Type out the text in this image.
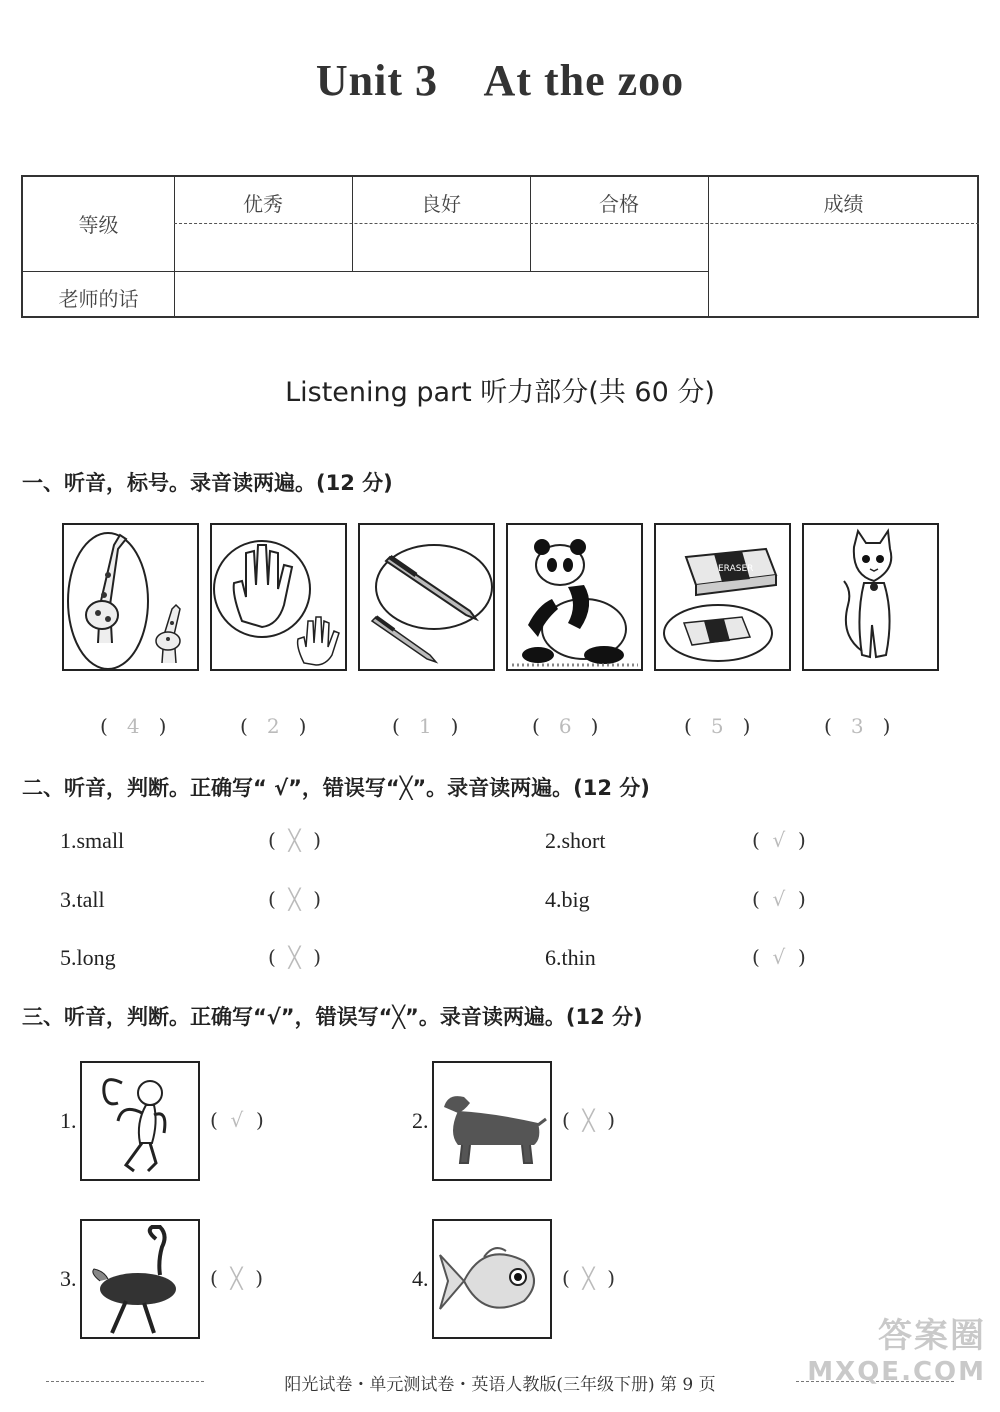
Unit 3    At the zoo
等级
优秀	良好	合格	成绩
老师的话
Listening part 听力部分(共 60 分)
一、听音，标号。录音读两遍。(12 分)
ERASER
(   4   )	(   2   )	(   1   )	(   6   )	(   5   )	(   3   )
二、听音，判断。正确写“ √”，错误写“╳”。录音读两遍。(12 分)
1.small	(  ╳  )	2.short	(  √  )
3.tall	(  ╳  )	4.big	(  √  )
5.long	(  ╳  )	6.thin	(  √  )
三、听音，判断。正确写“√”，错误写“╳”。录音读两遍。(12 分)
1.	(  √  )	2.	(  ╳  )
3.	(  ╳  )	4.	(  ╳  )
阳光试卷・单元测试卷・英语人教版(三年级下册) 第 9 页
答案圈
MXQE.COM
